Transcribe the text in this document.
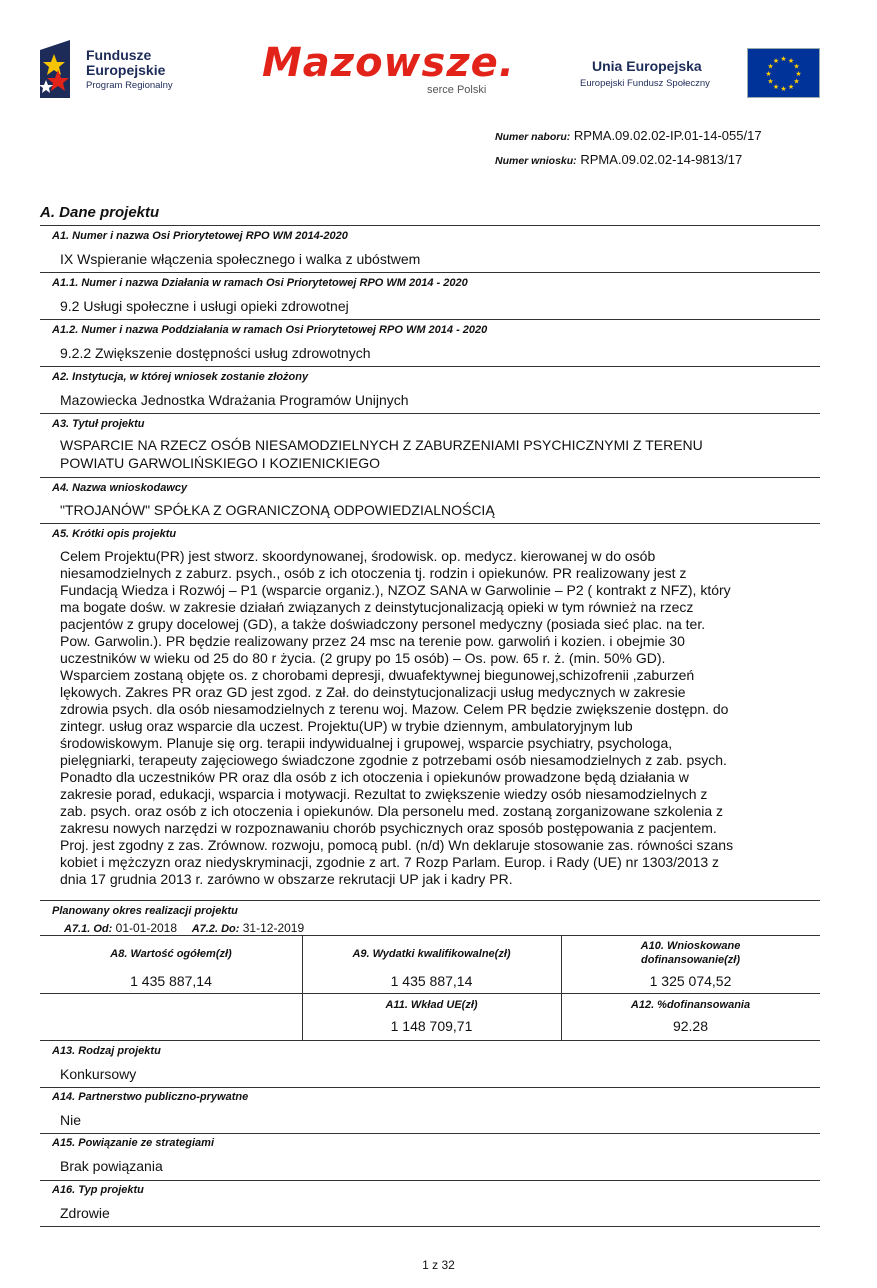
Fundusze
Europejskie
Program Regionalny Mazowsze.
serce Polski
Unia Europejska
Europejski Fundusz Społeczny
★ ★
★
★
★
★
★
★
★
★
★
★
Numer naboru: RPMA.09.02.02-IP.01-14-055/17
Numer wniosku: RPMA.09.02.02-14-9813/17
A. Dane projektu
A1. Numer i nazwa Osi Priorytetowej RPO WM 2014-2020
IX Wspieranie włączenia społecznego i walka z ubóstwem
A1.1. Numer i nazwa Działania w ramach Osi Priorytetowej RPO WM 2014 - 2020
9.2 Usługi społeczne i usługi opieki zdrowotnej
A1.2. Numer i nazwa Poddziałania w ramach Osi Priorytetowej RPO WM 2014 - 2020
9.2.2 Zwiększenie dostępności usług zdrowotnych
A2. Instytucja, w której wniosek zostanie złożony
Mazowiecka Jednostka Wdrażania Programów Unijnych
A3. Tytuł projektu
WSPARCIE NA RZECZ OSÓB NIESAMODZIELNYCH Z ZABURZENIAMI PSYCHICZNYMI Z TERENU
POWIATU GARWOLIŃSKIEGO I KOZIENICKIEGO
A4. Nazwa wnioskodawcy
"TROJANÓW" SPÓŁKA Z OGRANICZONĄ ODPOWIEDZIALNOŚCIĄ
A5. Krótki opis projektu
Celem Projektu(PR) jest stworz. skoordynowanej, środowisk. op. medycz. kierowanej w do osób
niesamodzielnych z zaburz. psych., osób z ich otoczenia tj. rodzin i opiekunów. PR realizowany jest z
Fundacją Wiedza i Rozwój – P1 (wsparcie organiz.), NZOZ SANA w Garwolinie – P2 ( kontrakt z NFZ), który
ma bogate dośw. w zakresie działań związanych z deinstytucjonalizacją opieki w tym również na rzecz
pacjentów z grupy docelowej (GD), a także doświadczony personel medyczny (posiada sieć plac. na ter.
Pow. Garwolin.). PR będzie realizowany przez 24 msc na terenie pow. garwoliń i kozien. i obejmie 30
uczestników w wieku od 25 do 80 r życia. (2 grupy po 15 osób) – Os. pow. 65 r. ż. (min. 50% GD).
Wsparciem zostaną objęte os. z chorobami depresji, dwuafektywnej biegunowej,schizofrenii ,zaburzeń
lękowych. Zakres PR oraz GD jest zgod. z Zał. do deinstytucjonalizacji usług medycznych w zakresie
zdrowia psych. dla osób niesamodzielnych z terenu woj. Mazow. Celem PR będzie zwiększenie dostępn. do
zintegr. usług oraz wsparcie dla uczest. Projektu(UP) w trybie dziennym, ambulatoryjnym lub
środowiskowym. Planuje się org. terapii indywidualnej i grupowej, wsparcie psychiatry, psychologa,
pielęgniarki, terapeuty zajęciowego świadczone zgodnie z potrzebami osób niesamodzielnych z zab. psych.
Ponadto dla uczestników PR oraz dla osób z ich otoczenia i opiekunów prowadzone będą działania w
zakresie porad, edukacji, wsparcia i motywacji. Rezultat to zwiększenie wiedzy osób niesamodzielnych z
zab. psych. oraz osób z ich otoczenia i opiekunów. Dla personelu med. zostaną zorganizowane szkolenia z
zakresu nowych narzędzi w rozpoznawaniu chorób psychicznych oraz sposób postępowania z pacjentem.
Proj. jest zgodny z zas. Zrównow. rozwoju, pomocą publ. (n/d) Wn deklaruje stosowanie zas. równości szans
kobiet i mężczyzn oraz niedyskryminacji, zgodnie z art. 7 Rozp Parlam. Europ. i Rady (UE) nr 1303/2013 z
dnia 17 grudnia 2013 r. zarówno w obszarze rekrutacji UP jak i kadry PR.
Planowany okres realizacji projektu
A7.1. Od: 01-01-2018 A7.2. Do: 31-12-2019
A8. Wartość ogółem(zł)
1 435 887,14
A9. Wydatki kwalifikowalne(zł)
1 435 887,14
A10. Wnioskowane
dofinansowanie(zł)
1 325 074,52
A11. Wkład UE(zł)
1 148 709,71
A12. %dofinansowania
92.28
A13. Rodzaj projektu
Konkursowy
A14. Partnerstwo publiczno-prywatne
Nie
A15. Powiązanie ze strategiami
Brak powiązania
A16. Typ projektu
Zdrowie
1 z 32
